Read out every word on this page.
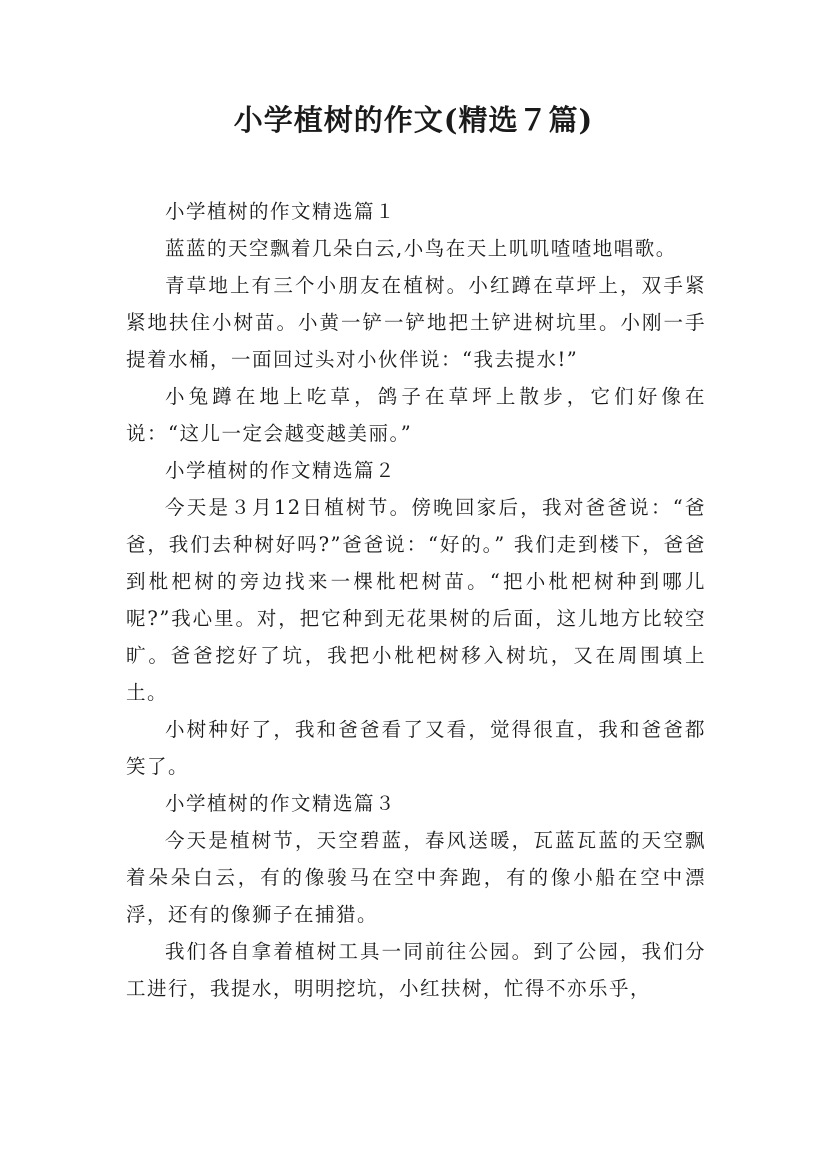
小学植树的作文(精选７篇)

小学植树的作文精选篇１

蓝蓝的天空飘着几朵白云,小鸟在天上叽叽喳喳地唱歌。

青草地上有三个小朋友在植树。小红蹲在草坪上，双手紧紧地扶住小树苗。小黄一铲一铲地把土铲进树坑里。小刚一手提着水桶，一面回过头对小伙伴说：“我去提水!”

小兔蹲在地上吃草，鸽子在草坪上散步，它们好像在说：“这儿一定会越变越美丽。”

小学植树的作文精选篇２

今天是３月12日植树节。傍晚回家后，我对爸爸说：“爸爸，我们去种树好吗?”爸爸说：“好的。” 我们走到楼下，爸爸到枇杷树的旁边找来一棵枇杷树苗。“把小枇杷树种到哪儿呢?”我心里。对，把它种到无花果树的后面，这儿地方比较空旷。爸爸挖好了坑，我把小枇杷树移入树坑，又在周围填上土。

小树种好了，我和爸爸看了又看，觉得很直，我和爸爸都笑了。

小学植树的作文精选篇３

今天是植树节，天空碧蓝，春风送暖，瓦蓝瓦蓝的天空飘着朵朵白云，有的像骏马在空中奔跑，有的像小船在空中漂浮，还有的像狮子在捕猎。

我们各自拿着植树工具一同前往公园。到了公园，我们分工进行，我提水，明明挖坑，小红扶树，忙得不亦乐乎，
